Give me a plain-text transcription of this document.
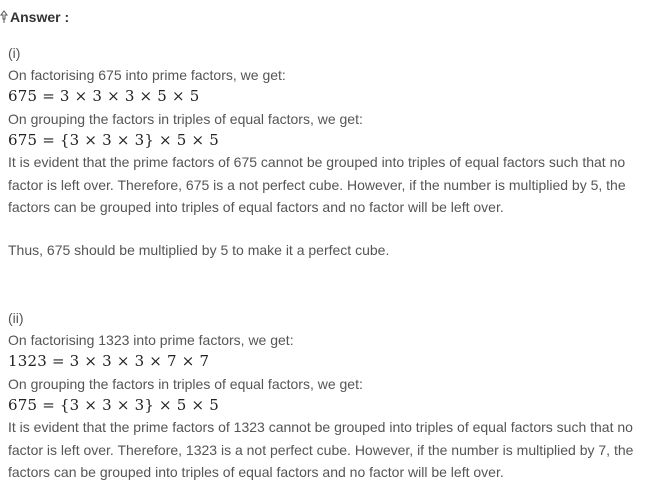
Answer :
(i)
On factorising 675 into prime factors, we get:
675 = 3 × 3 × 3 × 5 × 5
On grouping the factors in triples of equal factors, we get:
675 = {3 × 3 × 3} × 5 × 5
It is evident that the prime factors of 675 cannot be grouped into triples of equal factors such that no
factor is left over. Therefore, 675 is a not perfect cube. However, if the number is multiplied by 5, the
factors can be grouped into triples of equal factors and no factor will be left over.
Thus, 675 should be multiplied by 5 to make it a perfect cube.
(ii)
On factorising 1323 into prime factors, we get:
1323 = 3 × 3 × 3 × 7 × 7
On grouping the factors in triples of equal factors, we get:
675 = {3 × 3 × 3} × 5 × 5
It is evident that the prime factors of 1323 cannot be grouped into triples of equal factors such that no
factor is left over. Therefore, 1323 is a not perfect cube. However, if the number is multiplied by 7, the
factors can be grouped into triples of equal factors and no factor will be left over.
